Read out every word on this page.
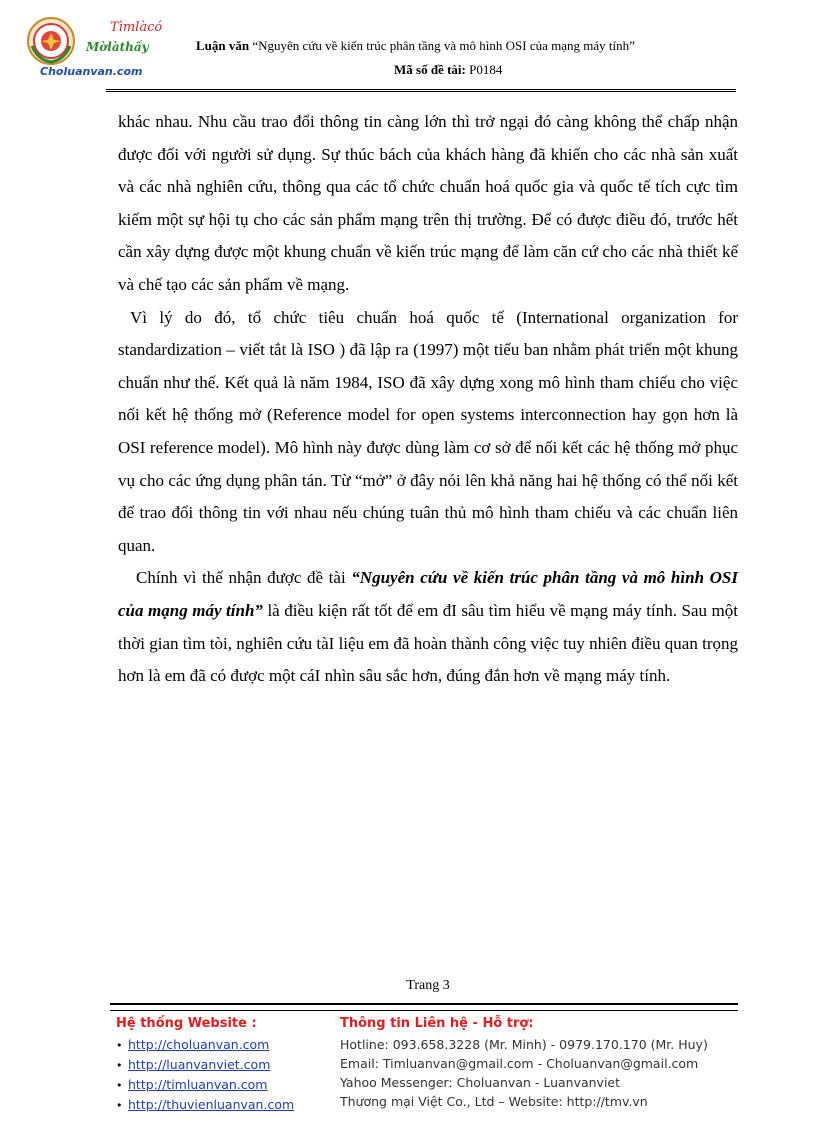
Tìmlàcó
Mờlàthấy
Choluanvan.com
Luận văn “Nguyên cứu về kiến trúc phân tầng và mô hình OSI của mạng máy tính”
Mã số đề tài: P0184

khác nhau. Nhu cầu trao đổi thông tin càng lớn thì trở ngại đó càng không thể chấp nhận được đối với người sử dụng. Sự thúc bách của khách hàng đã khiến cho các nhà sản xuất và các nhà nghiên cứu, thông qua các tổ chức chuẩn hoá quốc gia và quốc tế tích cực tìm kiếm một sự hội tụ cho các sản phẩm mạng trên thị trường. Để có được điều đó, trước hết cần xây dựng được một khung chuẩn về kiến trúc mạng để làm căn cứ cho các nhà thiết kế và chế tạo các sản phẩm về mạng.

Vì lý do đó, tổ chức tiêu chuẩn hoá quốc tế (International organization for standardization – viết tắt là ISO ) đã lập ra (1997) một tiểu ban nhằm phát triển một khung chuẩn như thế. Kết quả là năm 1984, ISO đã xây dựng xong mô hình tham chiếu cho việc nối kết hệ thống mở (Reference model for open systems interconnection hay gọn hơn là OSI reference model). Mô hình này được dùng làm cơ sở để nối kết các hệ thống mở phục vụ cho các ứng dụng phân tán. Từ “mở” ở đây nói lên khả năng hai hệ thống có thể nối kết để trao đổi thông tin với nhau nếu chúng tuân thủ mô hình tham chiếu và các chuẩn liên quan.

Chính vì thế nhận được đề tài “Nguyên cứu về kiến trúc phân tầng và mô hình OSI của mạng máy tính” là điều kiện rất tốt để em đI sâu tìm hiểu về mạng máy tính. Sau một thời gian tìm tòi, nghiên cứu tàI liệu em đã hoàn thành công việc tuy nhiên điều quan trọng hơn là em đã có được một cáI nhìn sâu sắc hơn, đúng đắn hơn về mạng máy tính.

Trang 3
Hệ thống Website :
• http://choluanvan.com
• http://luanvanviet.com
• http://timluanvan.com
• http://thuvienluanvan.com
Thông tin Liên hệ - Hỗ trợ:
Hotline: 093.658.3228 (Mr. Minh) - 0979.170.170 (Mr. Huy)
Email: Timluanvan@gmail.com - Choluanvan@gmail.com
Yahoo Messenger: Choluanvan - Luanvanviet
Thương mại Việt Co., Ltd – Website: http://tmv.vn
